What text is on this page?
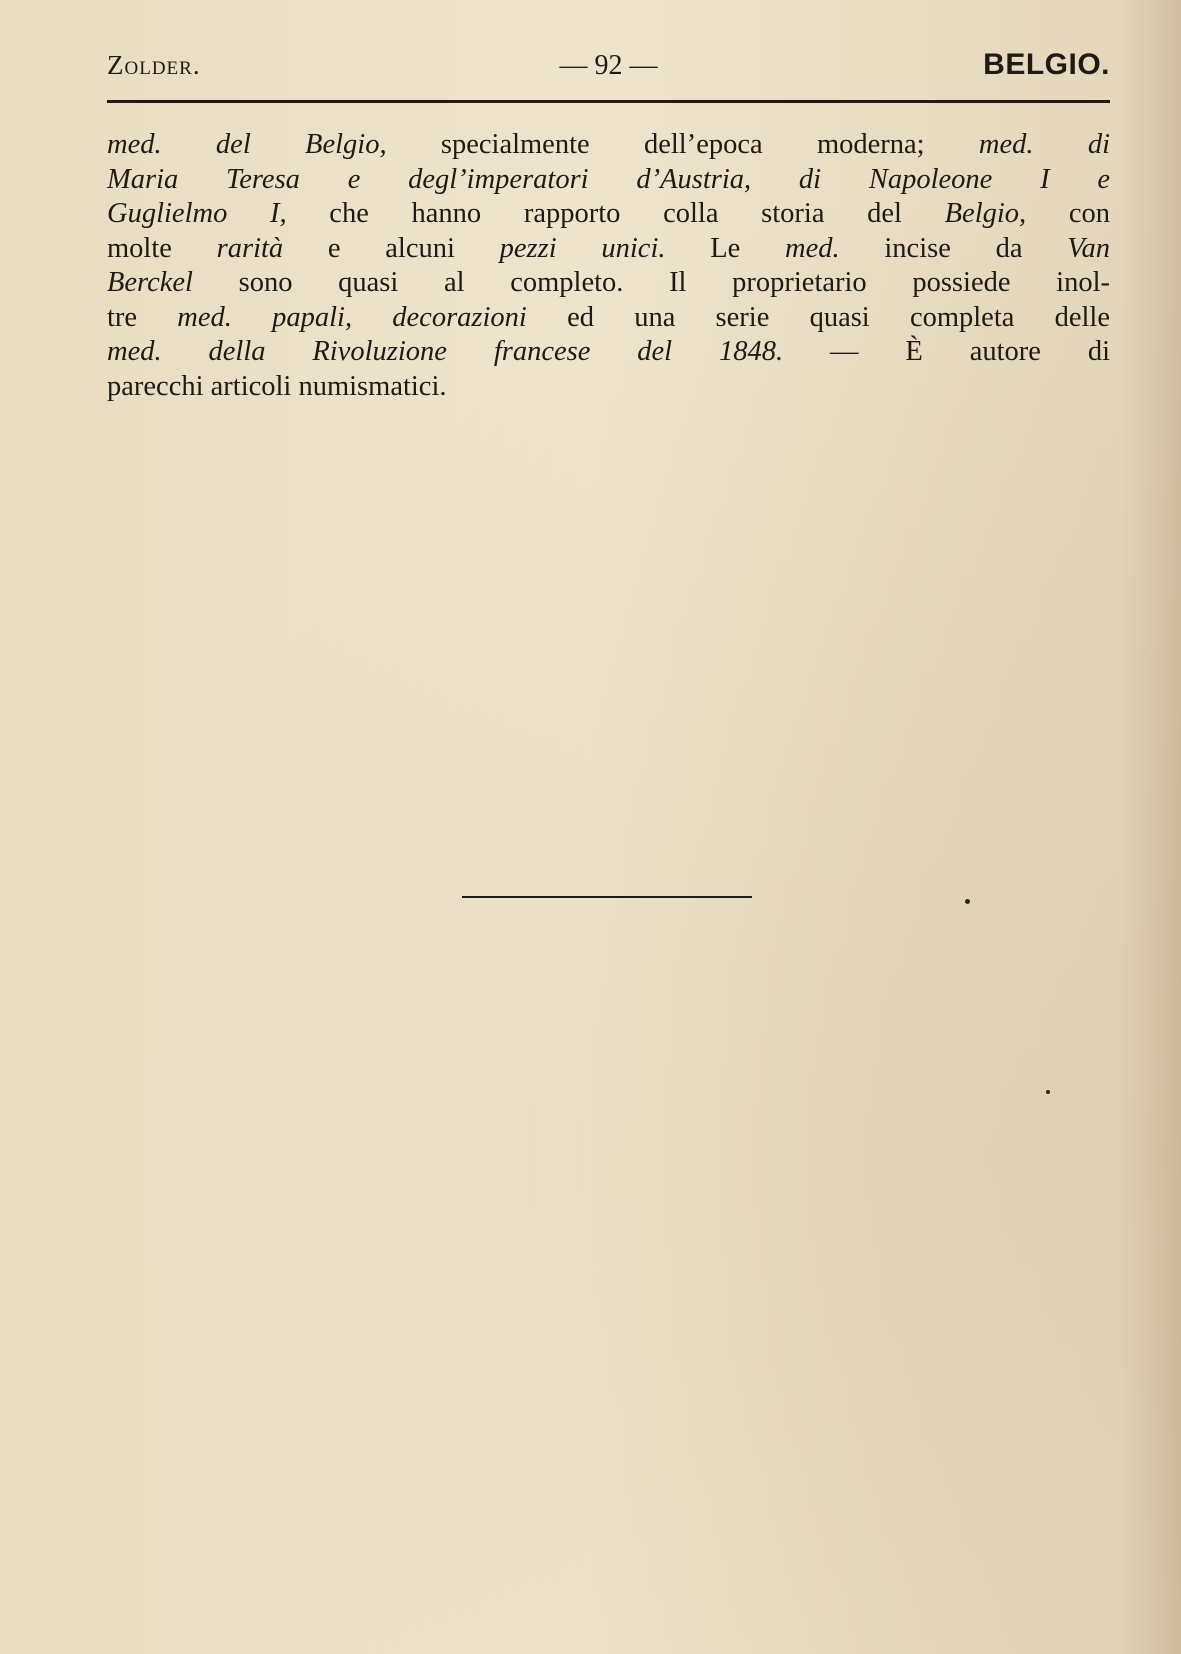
Zolder.	— 92 —	BELGIO.
med. del Belgio, specialmente dell’epoca moderna; med. di
Maria Teresa e degl’imperatori d’Austria, di Napoleone I e
Guglielmo I, che hanno rapporto colla storia del Belgio, con
molte rarità e alcuni pezzi unici. Le med. incise da Van
Berckel sono quasi al completo. Il proprietario possiede inol-
tre med. papali, decorazioni ed una serie quasi completa delle
med. della Rivoluzione francese del 1848. — È autore di
parecchi articoli numismatici.
